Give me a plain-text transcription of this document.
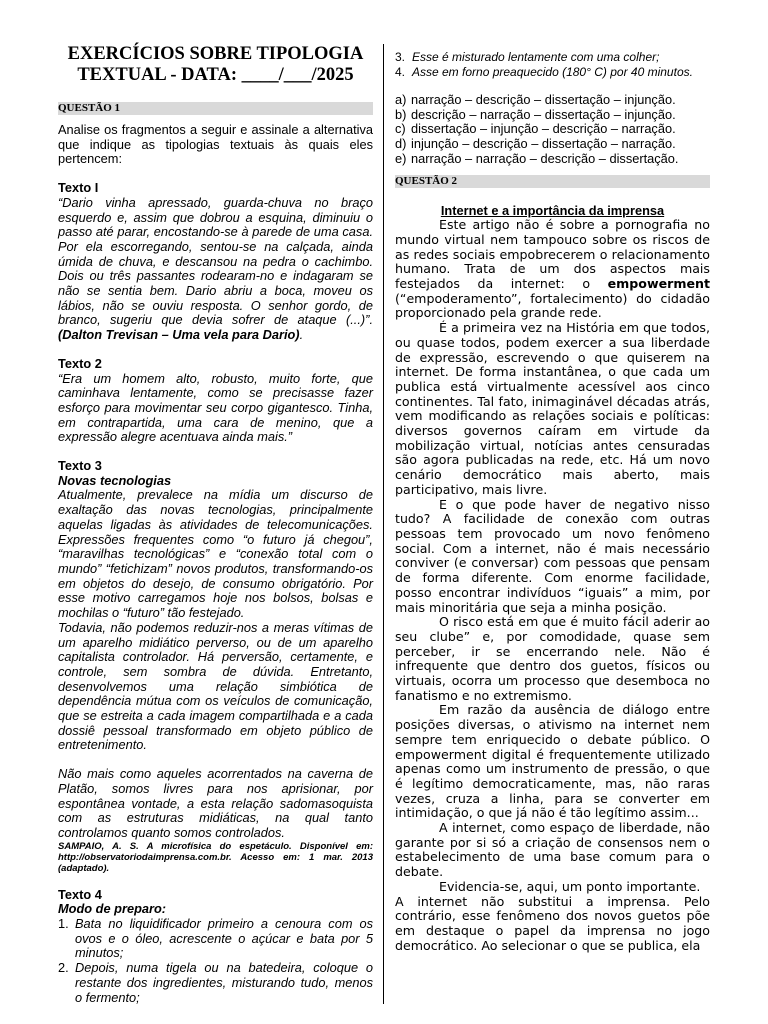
EXERCÍCIOS SOBRE TIPOLOGIA TEXTUAL - DATA: ____/___/2025
QUESTÃO 1

Analise os fragmentos a seguir e assinale a alternativa que indique as tipologias textuais às quais eles pertencem:

Texto I

“Dario vinha apressado, guarda-chuva no braço esquerdo e, assim que dobrou a esquina, diminuiu o passo até parar, encostando-se à parede de uma casa. Por ela escorregando, sentou-se na calçada, ainda úmida de chuva, e descansou na pedra o cachimbo. Dois ou três passantes rodearam-no e indagaram se não se sentia bem. Dario abriu a boca, moveu os lábios, não se ouviu resposta. O senhor gordo, de branco, sugeriu que devia sofrer de ataque (...)”. (Dalton Trevisan – Uma vela para Dario).

Texto 2

“Era um homem alto, robusto, muito forte, que caminhava lentamente, como se precisasse fazer esforço para movimentar seu corpo gigantesco. Tinha, em contrapartida, uma cara de menino, que a expressão alegre acentuava ainda mais.”

Texto 3

Novas tecnologias

Atualmente, prevalece na mídia um discurso de exaltação das novas tecnologias, principalmente aquelas ligadas às atividades de telecomunicações. Expressões frequentes como “o futuro já chegou”, “maravilhas tecnológicas” e “conexão total com o mundo” “fetichizam” novos produtos, transformando-os em objetos do desejo, de consumo obrigatório. Por esse motivo carregamos hoje nos bolsos, bolsas e mochilas o “futuro” tão festejado.

Todavia, não podemos reduzir-nos a meras vítimas de um aparelho midiático perverso, ou de um aparelho capitalista controlador. Há perversão, certamente, e controle, sem sombra de dúvida. Entretanto, desenvolvemos uma relação simbiótica de dependência mútua com os veículos de comunicação, que se estreita a cada imagem compartilhada e a cada dossiê pessoal transformado em objeto público de entretenimento.

Não mais como aqueles acorrentados na caverna de Platão, somos livres para nos aprisionar, por espontânea vontade, a esta relação sadomasoquista com as estruturas midiáticas, na qual tanto controlamos quanto somos controlados.

SAMPAIO, A. S. A microfísica do espetáculo. Disponível em: http://observatoriodaimprensa.com.br. Acesso em: 1 mar. 2013 (adaptado).

Texto 4

Modo de preparo:

1. Bata no liquidificador primeiro a cenoura com os ovos e o óleo, acrescente o açúcar e bata por 5 minutos;
2. Depois, numa tigela ou na batedeira, coloque o restante dos ingredientes, misturando tudo, menos o fermento;
3. Esse é misturado lentamente com uma colher;
4. Asse em forno preaquecido (180° C) por 40 minutos.
a) narração – descrição – dissertação – injunção.
b) descrição – narração – dissertação – injunção.
c) dissertação – injunção – descrição – narração.
d) injunção – descrição – dissertação – narração.
e) narração – narração – descrição – dissertação.
QUESTÃO 2

Internet e a importância da imprensa

Este artigo não é sobre a pornografia no mundo virtual nem tampouco sobre os riscos de as redes sociais empobrecerem o relacionamento humano. Trata de um dos aspectos mais festejados da internet: o empowerment (“empoderamento”, fortalecimento) do cidadão proporcionado pela grande rede.

É a primeira vez na História em que todos, ou quase todos, podem exercer a sua liberdade de expressão, escrevendo o que quiserem na internet. De forma instantânea, o que cada um publica está virtualmente acessível aos cinco continentes. Tal fato, inimaginável décadas atrás, vem modificando as relações sociais e políticas: diversos governos caíram em virtude da mobilização virtual, notícias antes censuradas são agora publicadas na rede, etc. Há um novo cenário democrático mais aberto, mais participativo, mais livre.

E o que pode haver de negativo nisso tudo? A facilidade de conexão com outras pessoas tem provocado um novo fenômeno social. Com a internet, não é mais necessário conviver (e conversar) com pessoas que pensam de forma diferente. Com enorme facilidade, posso encontrar indivíduos “iguais” a mim, por mais minoritária que seja a minha posição.

O risco está em que é muito fácil aderir ao seu clube” e, por comodidade, quase sem perceber, ir se encerrando nele. Não é infrequente que dentro dos guetos, físicos ou virtuais, ocorra um processo que desemboca no fanatismo e no extremismo.

Em razão da ausência de diálogo entre posições diversas, o ativismo na internet nem sempre tem enriquecido o debate público. O empowerment digital é frequentemente utilizado apenas como um instrumento de pressão, o que é legítimo democraticamente, mas, não raras vezes, cruza a linha, para se converter em intimidação, o que já não é tão legítimo assim...

A internet, como espaço de liberdade, não garante por si só a criação de consensos nem o estabelecimento de uma base comum para o debate.

Evidencia-se, aqui, um ponto importante.

A internet não substitui a imprensa. Pelo contrário, esse fenômeno dos novos guetos põe em destaque o papel da imprensa no jogo democrático. Ao selecionar o que se publica, ela
